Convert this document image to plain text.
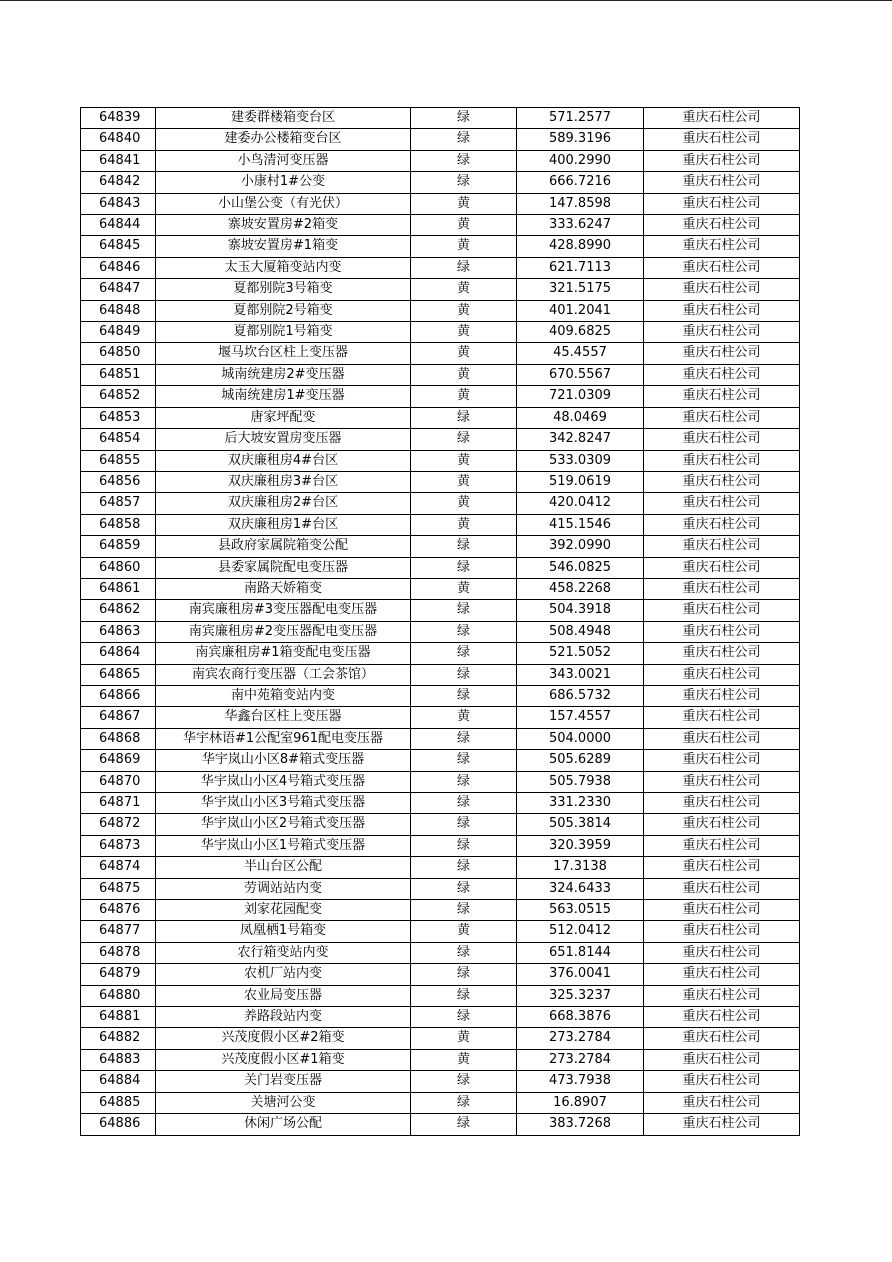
64839	建委群楼箱变台区	绿	571.2577	重庆石柱公司
64840	建委办公楼箱变台区	绿	589.3196	重庆石柱公司
64841	小鸟清河变压器	绿	400.2990	重庆石柱公司
64842	小康村1#公变	绿	666.7216	重庆石柱公司
64843	小山堡公变（有光伏）	黄	147.8598	重庆石柱公司
64844	寨坡安置房#2箱变	黄	333.6247	重庆石柱公司
64845	寨坡安置房#1箱变	黄	428.8990	重庆石柱公司
64846	太玉大厦箱变站内变	绿	621.7113	重庆石柱公司
64847	夏都别院3号箱变	黄	321.5175	重庆石柱公司
64848	夏都别院2号箱变	黄	401.2041	重庆石柱公司
64849	夏都别院1号箱变	黄	409.6825	重庆石柱公司
64850	堰马坎台区柱上变压器	黄	45.4557	重庆石柱公司
64851	城南统建房2#变压器	黄	670.5567	重庆石柱公司
64852	城南统建房1#变压器	黄	721.0309	重庆石柱公司
64853	唐家坪配变	绿	48.0469	重庆石柱公司
64854	后大坡安置房变压器	绿	342.8247	重庆石柱公司
64855	双庆廉租房4#台区	黄	533.0309	重庆石柱公司
64856	双庆廉租房3#台区	黄	519.0619	重庆石柱公司
64857	双庆廉租房2#台区	黄	420.0412	重庆石柱公司
64858	双庆廉租房1#台区	黄	415.1546	重庆石柱公司
64859	县政府家属院箱变公配	绿	392.0990	重庆石柱公司
64860	县委家属院配电变压器	绿	546.0825	重庆石柱公司
64861	南路天娇箱变	黄	458.2268	重庆石柱公司
64862	南宾廉租房#3变压器配电变压器	绿	504.3918	重庆石柱公司
64863	南宾廉租房#2变压器配电变压器	绿	508.4948	重庆石柱公司
64864	南宾廉租房#1箱变配电变压器	绿	521.5052	重庆石柱公司
64865	南宾农商行变压器（工会茶馆）	绿	343.0021	重庆石柱公司
64866	南中苑箱变站内变	绿	686.5732	重庆石柱公司
64867	华鑫台区柱上变压器	黄	157.4557	重庆石柱公司
64868	华宇林语#1公配室961配电变压器	绿	504.0000	重庆石柱公司
64869	华宇岚山小区8#箱式变压器	绿	505.6289	重庆石柱公司
64870	华宇岚山小区4号箱式变压器	绿	505.7938	重庆石柱公司
64871	华宇岚山小区3号箱式变压器	绿	331.2330	重庆石柱公司
64872	华宇岚山小区2号箱式变压器	绿	505.3814	重庆石柱公司
64873	华宇岚山小区1号箱式变压器	绿	320.3959	重庆石柱公司
64874	半山台区公配	绿	17.3138	重庆石柱公司
64875	劳调站站内变	绿	324.6433	重庆石柱公司
64876	刘家花园配变	绿	563.0515	重庆石柱公司
64877	凤凰栖1号箱变	黄	512.0412	重庆石柱公司
64878	农行箱变站内变	绿	651.8144	重庆石柱公司
64879	农机厂站内变	绿	376.0041	重庆石柱公司
64880	农业局变压器	绿	325.3237	重庆石柱公司
64881	养路段站内变	绿	668.3876	重庆石柱公司
64882	兴茂度假小区#2箱变	黄	273.2784	重庆石柱公司
64883	兴茂度假小区#1箱变	黄	273.2784	重庆石柱公司
64884	关门岩变压器	绿	473.7938	重庆石柱公司
64885	关塘河公变	绿	16.8907	重庆石柱公司
64886	休闲广场公配	绿	383.7268	重庆石柱公司
